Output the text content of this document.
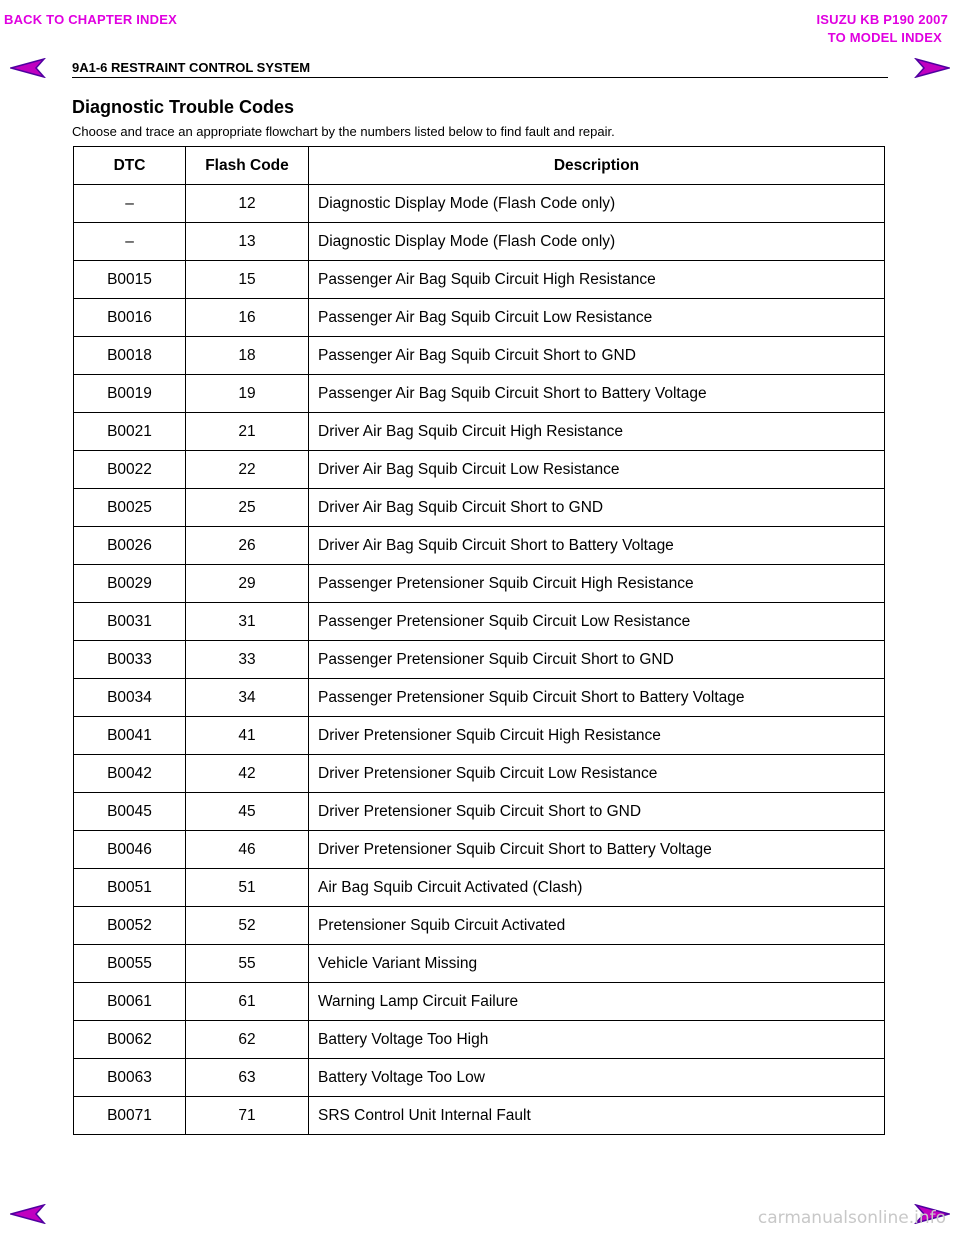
BACK TO CHAPTER INDEX	ISUZU KB P190 2007
TO MODEL INDEX
9A1-6 RESTRAINT CONTROL SYSTEM
Diagnostic Trouble Codes
Choose and trace an appropriate flowchart by the numbers listed below to find fault and repair.
DTC	Flash Code	Description
–	12	Diagnostic Display Mode (Flash Code only)
–	13	Diagnostic Display Mode (Flash Code only)
B0015	15	Passenger Air Bag Squib Circuit High Resistance
B0016	16	Passenger Air Bag Squib Circuit Low Resistance
B0018	18	Passenger Air Bag Squib Circuit Short to GND
B0019	19	Passenger Air Bag Squib Circuit Short to Battery Voltage
B0021	21	Driver Air Bag Squib Circuit High Resistance
B0022	22	Driver Air Bag Squib Circuit Low Resistance
B0025	25	Driver Air Bag Squib Circuit Short to GND
B0026	26	Driver Air Bag Squib Circuit Short to Battery Voltage
B0029	29	Passenger Pretensioner Squib Circuit High Resistance
B0031	31	Passenger Pretensioner Squib Circuit Low Resistance
B0033	33	Passenger Pretensioner Squib Circuit Short to GND
B0034	34	Passenger Pretensioner Squib Circuit Short to Battery Voltage
B0041	41	Driver Pretensioner Squib Circuit High Resistance
B0042	42	Driver Pretensioner Squib Circuit Low Resistance
B0045	45	Driver Pretensioner Squib Circuit Short to GND
B0046	46	Driver Pretensioner Squib Circuit Short to Battery Voltage
B0051	51	Air Bag Squib Circuit Activated (Clash)
B0052	52	Pretensioner Squib Circuit Activated
B0055	55	Vehicle Variant Missing
B0061	61	Warning Lamp Circuit Failure
B0062	62	Battery Voltage Too High
B0063	63	Battery Voltage Too Low
B0071	71	SRS Control Unit Internal Fault
carmanualsonline.info
